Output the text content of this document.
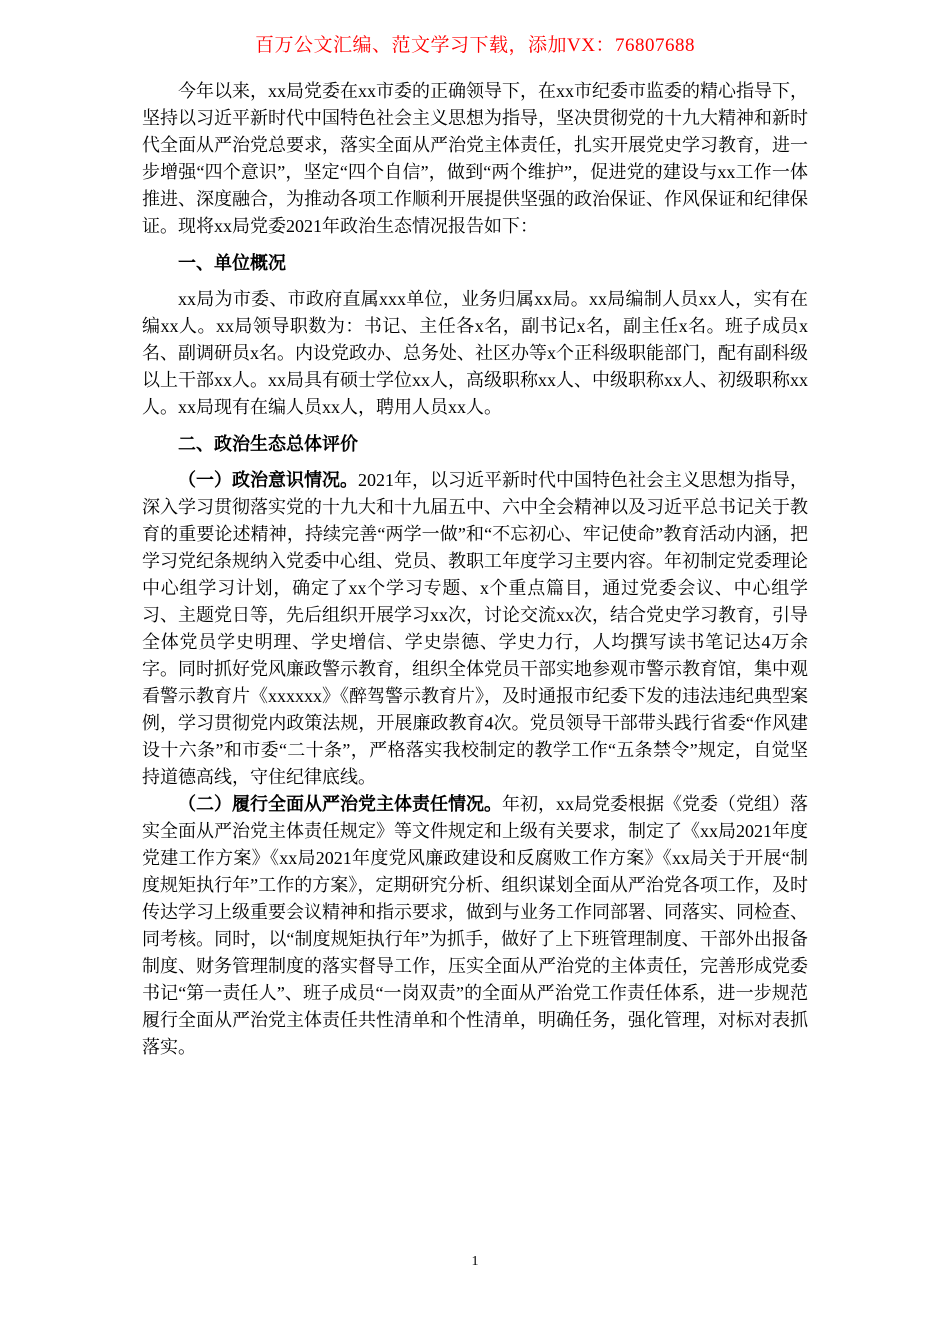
百万公文汇编、范文学习下载，添加VX：76807688

今年以来，xx局党委在xx市委的正确领导下，在xx市纪委市监委的精心指导下，坚持以习近平新时代中国特色社会主义思想为指导，坚决贯彻党的十九大精神和新时代全面从严治党总要求，落实全面从严治党主体责任，扎实开展党史学习教育，进一步增强“四个意识”，坚定“四个自信”，做到“两个维护”，促进党的建设与xx工作一体推进、深度融合，为推动各项工作顺利开展提供坚强的政治保证、作风保证和纪律保证。现将xx局党委2021年政治生态情况报告如下：

一、单位概况

xx局为市委、市政府直属xxx单位，业务归属xx局。xx局编制人员xx人，实有在编xx人。xx局领导职数为：书记、主任各x名，副书记x名，副主任x名。班子成员x名、副调研员x名。内设党政办、总务处、社区办等x个正科级职能部门，配有副科级以上干部xx人。xx局具有硕士学位xx人，高级职称xx人、中级职称xx人、初级职称xx人。xx局现有在编人员xx人，聘用人员xx人。

二、政治生态总体评价

（一）政治意识情况。2021年，以习近平新时代中国特色社会主义思想为指导，深入学习贯彻落实党的十九大和十九届五中、六中全会精神以及习近平总书记关于教育的重要论述精神，持续完善“两学一做”和“不忘初心、牢记使命”教育活动内涵，把学习党纪条规纳入党委中心组、党员、教职工年度学习主要内容。年初制定党委理论中心组学习计划，确定了xx个学习专题、x个重点篇目，通过党委会议、中心组学习、主题党日等，先后组织开展学习xx次，讨论交流xx次，结合党史学习教育，引导全体党员学史明理、学史增信、学史崇德、学史力行，人均撰写读书笔记达4万余字。同时抓好党风廉政警示教育，组织全体党员干部实地参观市警示教育馆，集中观看警示教育片《xxxxxx》《醉驾警示教育片》，及时通报市纪委下发的违法违纪典型案例，学习贯彻党内政策法规，开展廉政教育4次。党员领导干部带头践行省委“作风建设十六条”和市委“二十条”，严格落实我校制定的教学工作“五条禁令”规定，自觉坚持道德高线，守住纪律底线。

（二）履行全面从严治党主体责任情况。年初，xx局党委根据《党委（党组）落实全面从严治党主体责任规定》等文件规定和上级有关要求，制定了《xx局2021年度党建工作方案》《xx局2021年度党风廉政建设和反腐败工作方案》《xx局关于开展“制度规矩执行年”工作的方案》，定期研究分析、组织谋划全面从严治党各项工作，及时传达学习上级重要会议精神和指示要求，做到与业务工作同部署、同落实、同检查、同考核。同时，以“制度规矩执行年”为抓手，做好了上下班管理制度、干部外出报备制度、财务管理制度的落实督导工作，压实全面从严治党的主体责任，完善形成党委书记“第一责任人”、班子成员“一岗双责”的全面从严治党工作责任体系，进一步规范履行全面从严治党主体责任共性清单和个性清单，明确任务，强化管理，对标对表抓落实。

1
